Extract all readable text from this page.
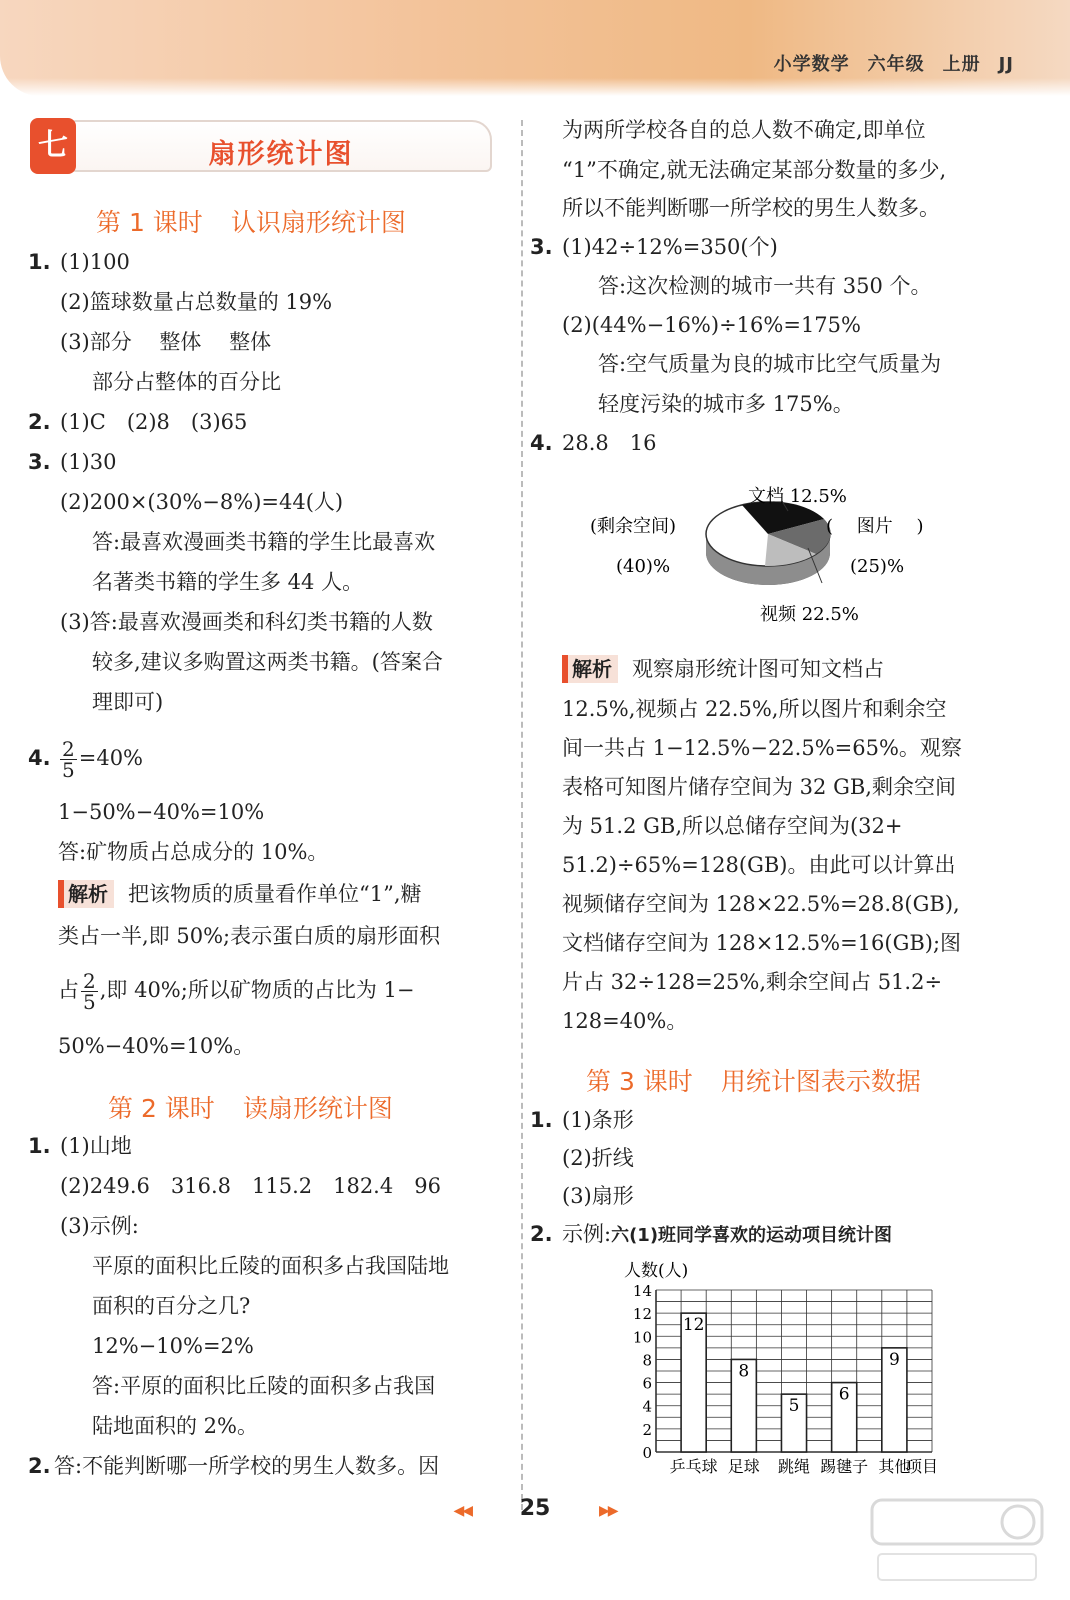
小学数学 六年级 上册 JJ
扇形统计图
七
第 1 课时 认识扇形统计图
1. (1)100
(2)篮球数量占总数量的 19%
(3)部分　 整体　 整体
部分占整体的百分比
2. (1)C　(2)8　(3)65
3. (1)30
(2)200×(30%−8%)=44(人)
答:最喜欢漫画类书籍的学生比最喜欢
名著类书籍的学生多 44 人。
(3)答:最喜欢漫画类和科幻类书籍的人数
较多,建议多购置这两类书籍。(答案合
理即可)
4. $\frac{2}{5} =40\%$
1−50%−40%=10%
答:矿物质占总成分的 10%。
解析 把该物质的质量看作单位“1”,糖
类占一半,即 50%;表示蛋白质的扇形面积
占 $\frac{2}{5}$ ,即 40%;所以矿物质的占比为 1−
50%−40%=10%。
第 2 课时 读扇形统计图
1. (1)山地
(2)249.6　316.8　115.2　182.4　96
(3)示例:
平原的面积比丘陵的面积多占我国陆地
面积的百分之几?
12%−10%=2%
答:平原的面积比丘陵的面积多占我国
陆地面积的 2%。
2. 答:不能判断哪一所学校的男生人数多。因
为两所学校各自的总人数不确定,即单位
“1”不确定,就无法确定某部分数量的多少,
所以不能判断哪一所学校的男生人数多。
3. (1)42÷12%=350(个)
答:这次检测的城市一共有 350 个。
(2)(44%−16%)÷16%=175%
答:空气质量为良的城市比空气质量为
轻度污染的城市多 175%。
4. 28.8　16
文档 12.5%
(剩余空间)
(40)%
(　 图片　 )
(25)%
视频 22.5%
解析 观察扇形统计图可知文档占
12.5%,视频占 22.5%,所以图片和剩余空
间一共占 1−12.5%−22.5%=65%。观察
表格可知图片储存空间为 32 GB,剩余空间
为 51.2 GB,所以总储存空间为(32+
51.2)÷65%=128(GB)。由此可以计算出
视频储存空间为 128×22.5%=28.8(GB),
文档储存空间为 128×12.5%=16(GB);图
片占 32÷128=25%,剩余空间占 51.2÷
128=40%。
第 3 课时 用统计图表示数据
1. (1)条形
(2)折线
(3)扇形
2. 示例:六(1)班同学喜欢的运动项目统计图
人数(人)
12
8
5
6
9
0
2
4
6
8
10
12
14
乒乓球 足球 跳绳 踢毽子 其他
项目
◀◀ 25	▶▶
